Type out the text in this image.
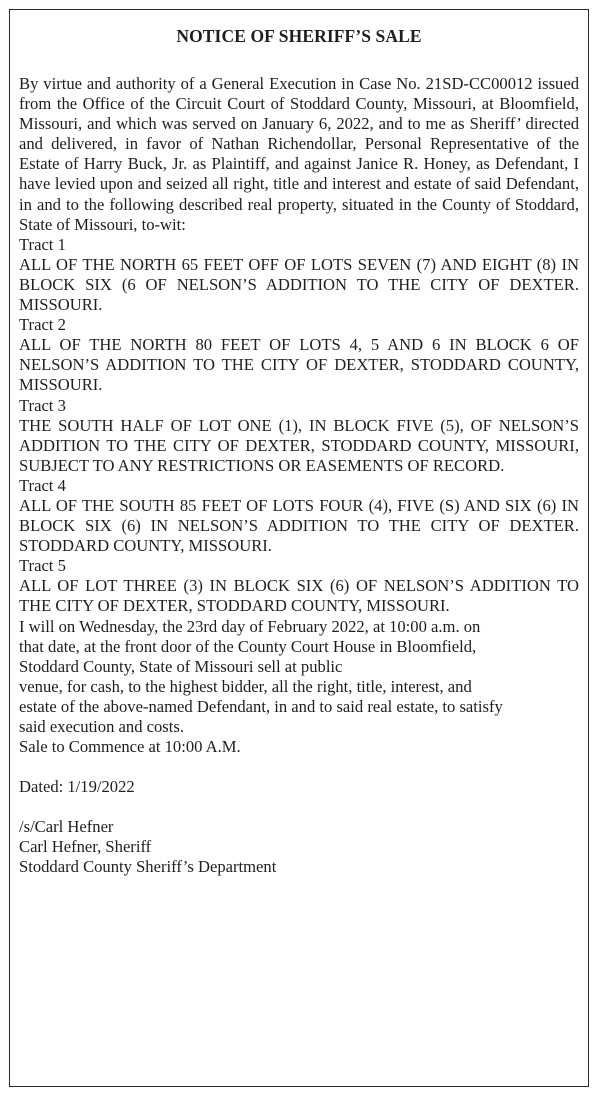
NOTICE OF SHERIFF’S SALE
By virtue and authority of a General Execution in Case No. 21SD-CC00012 issued from the Office of the Circuit Court of Stoddard County, Missouri, at Bloomfield, Missouri, and which was served on January 6, 2022, and to me as Sheriff’ directed and delivered, in favor of Nathan Richendollar, Personal Representative of the Estate of Harry Buck, Jr. as Plaintiff, and against Janice R. Honey, as Defendant, I have levied upon and seized all right, title and interest and estate of said Defendant, in and to the following described real property, situated in the County of Stoddard, State of Missouri, to-wit:
Tract 1
ALL OF THE NORTH 65 FEET OFF OF LOTS SEVEN (7) AND EIGHT (8) IN BLOCK SIX (6 OF NELSON’S ADDITION TO THE CITY OF DEXTER. MISSOURI.
Tract 2
ALL OF THE NORTH 80 FEET OF LOTS 4, 5 AND 6 IN BLOCK 6 OF NELSON’S ADDITION TO THE CITY OF DEXTER, STODDARD COUNTY, MISSOURI.
Tract 3
THE SOUTH HALF OF LOT ONE (1), IN BLOCK FIVE (5), OF NELSON’S ADDITION TO THE CITY OF DEXTER, STODDARD COUNTY, MISSOURI, SUBJECT TO ANY RESTRICTIONS OR EASEMENTS OF RECORD.
Tract 4
ALL OF THE SOUTH 85 FEET OF LOTS FOUR (4), FIVE (S) AND SIX (6) IN BLOCK SIX (6) IN NELSON’S ADDITION TO THE CITY OF DEXTER. STODDARD COUNTY, MISSOURI.
Tract 5
ALL OF LOT THREE (3) IN BLOCK SIX (6) OF NELSON’S ADDITION TO THE CITY OF DEXTER, STODDARD COUNTY, MISSOURI.
I will on Wednesday, the 23rd day of February 2022, at 10:00 a.m. on
that date, at the front door of the County Court House in Bloomfield,
Stoddard County, State of Missouri sell at public
venue, for cash, to the highest bidder, all the right, title, interest, and
estate of the above-named Defendant, in and to said real estate, to satisfy
said execution and costs.
Sale to Commence at 10:00 A.M.
Dated: 1/19/2022
/s/Carl Hefner
Carl Hefner, Sheriff
Stoddard County Sheriff’s Department
